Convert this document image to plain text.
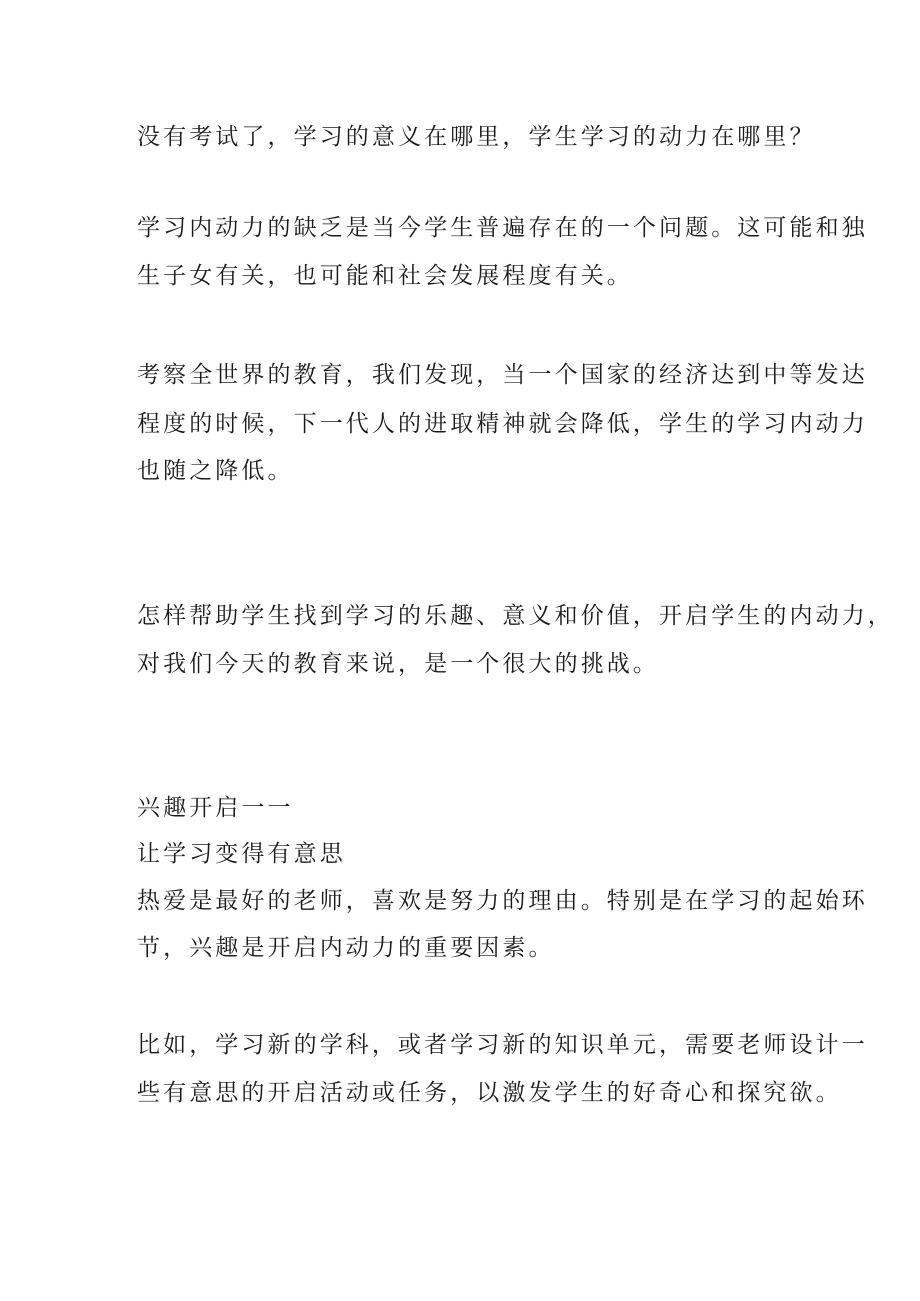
没有考试了，学习的意义在哪里，学生学习的动力在哪里？

学习内动力的缺乏是当今学生普遍存在的一个问题。这可能和独

生子女有关，也可能和社会发展程度有关。

考察全世界的教育，我们发现，当一个国家的经济达到中等发达

程度的时候，下一代人的进取精神就会降低，学生的学习内动力

也随之降低。

怎样帮助学生找到学习的乐趣、意义和价值，开启学生的内动力，

对我们今天的教育来说，是一个很大的挑战。

兴趣开启一一

让学习变得有意思

热爱是最好的老师，喜欢是努力的理由。特别是在学习的起始环

节，兴趣是开启内动力的重要因素。

比如，学习新的学科，或者学习新的知识单元，需要老师设计一

些有意思的开启活动或任务，以激发学生的好奇心和探究欲。
